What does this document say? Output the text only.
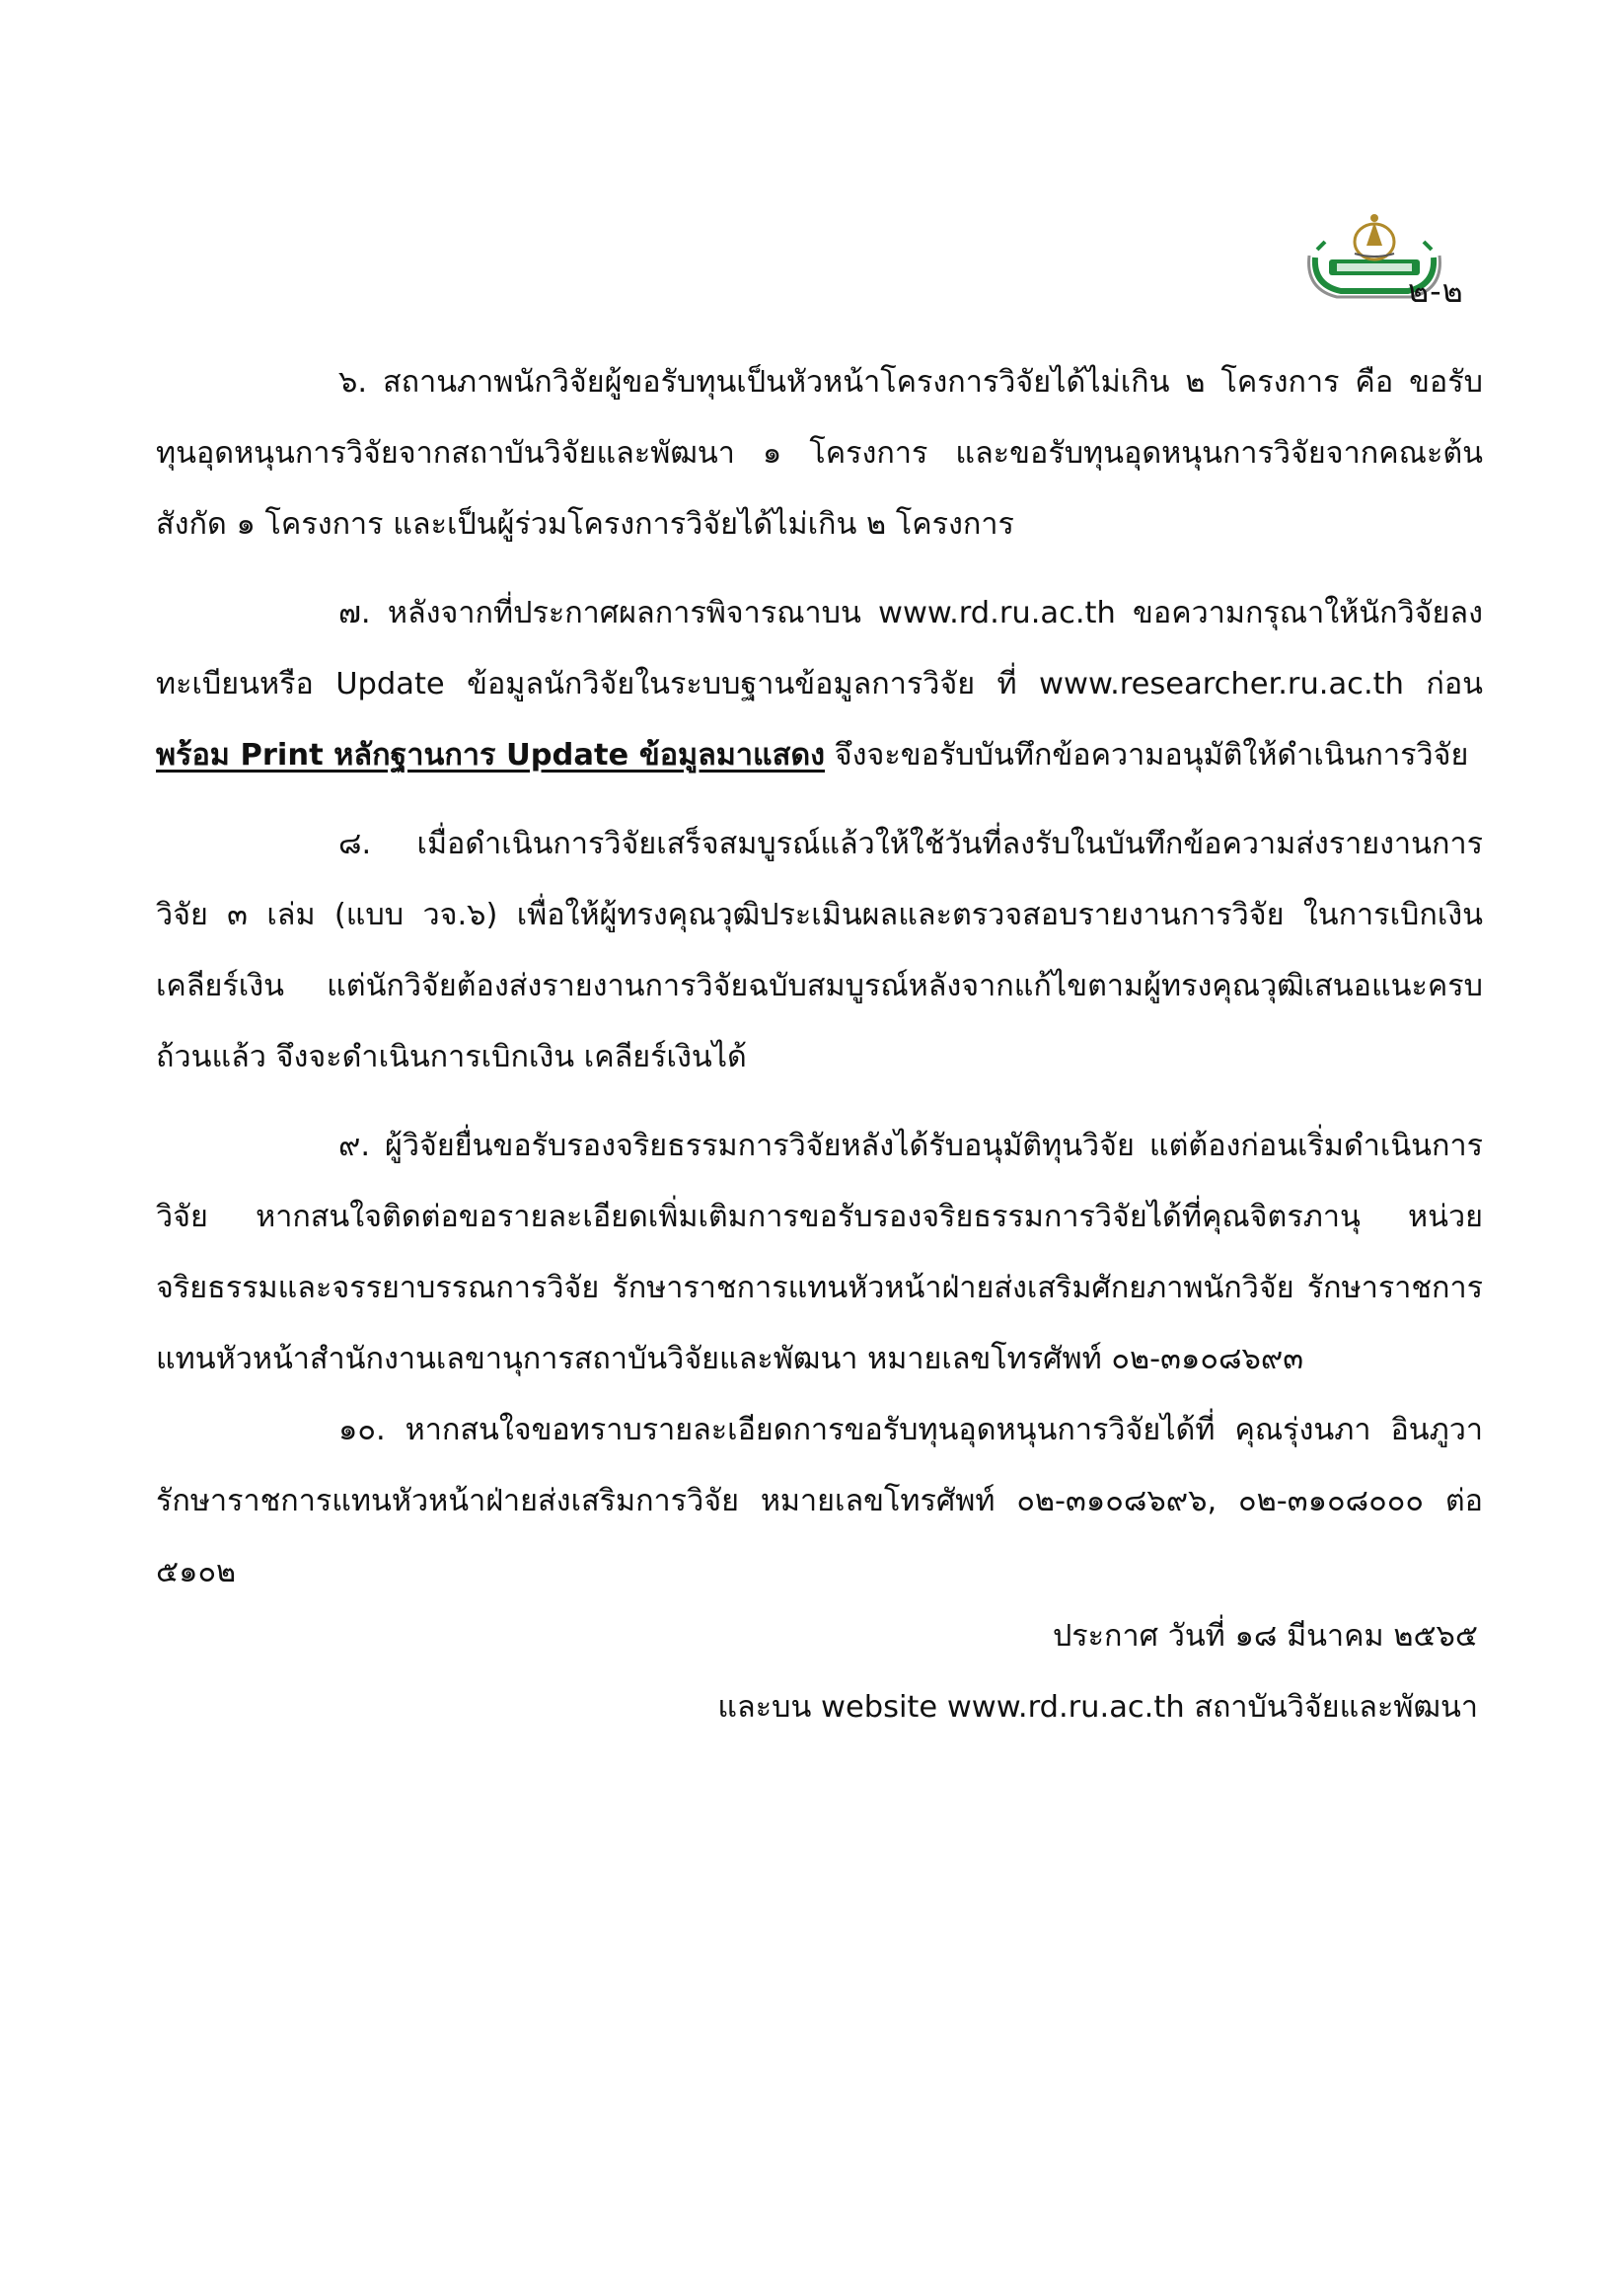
๒-๒

๖. สถานภาพนักวิจัยผู้ขอรับทุนเป็นหัวหน้าโครงการวิจัยได้ไม่เกิน ๒ โครงการ คือ ขอรับทุนอุดหนุนการวิจัยจากสถาบันวิจัยและพัฒนา ๑ โครงการ และขอรับทุนอุดหนุนการวิจัยจากคณะต้นสังกัด ๑ โครงการ และเป็นผู้ร่วมโครงการวิจัยได้ไม่เกิน ๒ โครงการ

๗. หลังจากที่ประกาศผลการพิจารณาบน www.rd.ru.ac.th ขอความกรุณาให้นักวิจัยลงทะเบียนหรือ Update ข้อมูลนักวิจัยในระบบฐานข้อมูลการวิจัย ที่ www.researcher.ru.ac.th ก่อน พร้อม Print หลักฐานการ Update ข้อมูลมาแสดง จึงจะขอรับบันทึกข้อความอนุมัติให้ดำเนินการวิจัย

๘. เมื่อดำเนินการวิจัยเสร็จสมบูรณ์แล้วให้ใช้วันที่ลงรับในบันทึกข้อความส่งรายงานการวิจัย ๓ เล่ม (แบบ วจ.๖) เพื่อให้ผู้ทรงคุณวุฒิประเมินผลและตรวจสอบรายงานการวิจัย ในการเบิกเงิน เคลียร์เงิน แต่นักวิจัยต้องส่งรายงานการวิจัยฉบับสมบูรณ์หลังจากแก้ไขตามผู้ทรงคุณวุฒิเสนอแนะครบถ้วนแล้ว จึงจะดำเนินการเบิกเงิน เคลียร์เงินได้

๙. ผู้วิจัยยื่นขอรับรองจริยธรรมการวิจัยหลังได้รับอนุมัติทุนวิจัย แต่ต้องก่อนเริ่มดำเนินการวิจัย หากสนใจติดต่อขอรายละเอียดเพิ่มเติมการขอรับรองจริยธรรมการวิจัยได้ที่คุณจิตรภานุ หน่วยจริยธรรมและจรรยาบรรณการวิจัย รักษาราชการแทนหัวหน้าฝ่ายส่งเสริมศักยภาพนักวิจัย รักษาราชการแทนหัวหน้าสำนักงานเลขานุการสถาบันวิจัยและพัฒนา หมายเลขโทรศัพท์ ๐๒-๓๑๐๘๖๙๓

๑๐. หากสนใจขอทราบรายละเอียดการขอรับทุนอุดหนุนการวิจัยได้ที่ คุณรุ่งนภา อินภูวา รักษาราชการแทนหัวหน้าฝ่ายส่งเสริมการวิจัย หมายเลขโทรศัพท์ ๐๒-๓๑๐๘๖๙๖, ๐๒-๓๑๐๘๐๐๐ ต่อ ๕๑๐๒

ประกาศ วันที่ ๑๘ มีนาคม ๒๕๖๕
และบน website www.rd.ru.ac.th สถาบันวิจัยและพัฒนา
